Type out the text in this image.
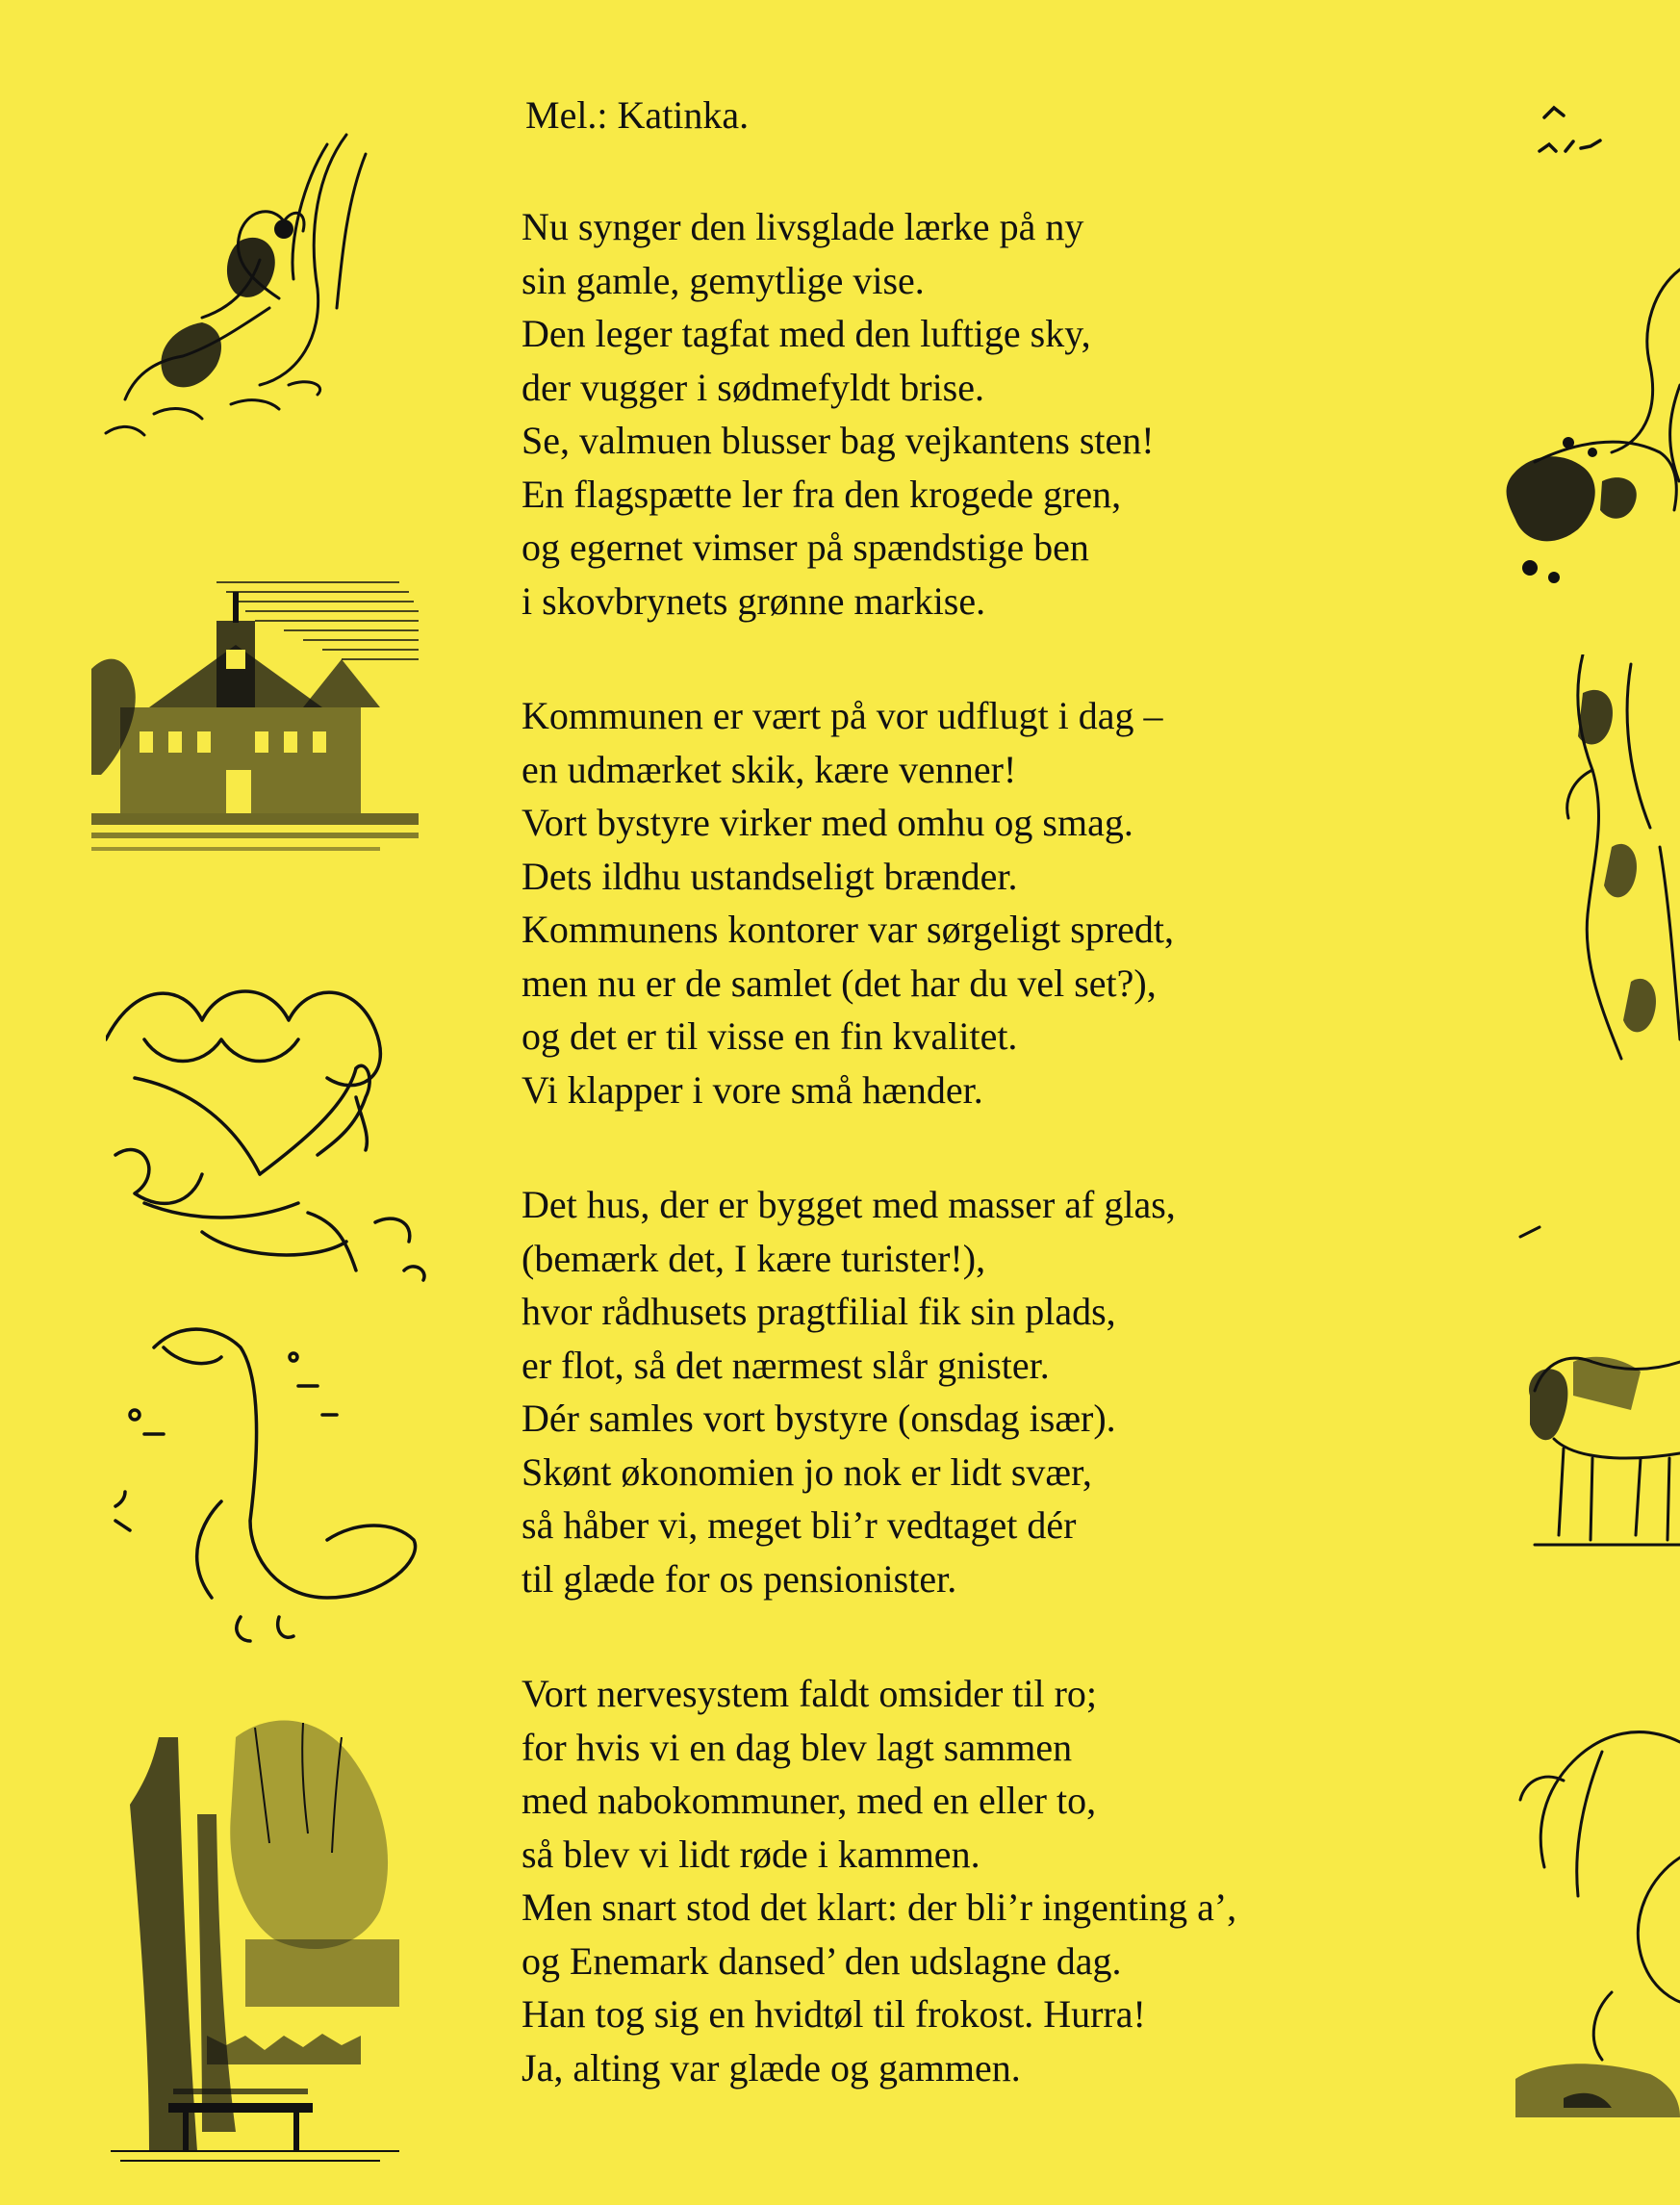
Mel.: Katinka.
Nu synger den livsglade lærke på ny
sin gamle, gemytlige vise.
Den leger tagfat med den luftige sky,
der vugger i sødmefyldt brise.
Se, valmuen blusser bag vejkantens sten!
En flagspætte ler fra den krogede gren,
og egernet vimser på spændstige ben
i skovbrynets grønne markise.
Kommunen er vært på vor udflugt i dag –
en udmærket skik, kære venner!
Vort bystyre virker med omhu og smag.
Dets ildhu ustandseligt brænder.
Kommunens kontorer var sørgeligt spredt,
men nu er de samlet (det har du vel set?),
og det er til visse en fin kvalitet.
Vi klapper i vore små hænder.
Det hus, der er bygget med masser af glas,
(bemærk det, I kære turister!),
hvor rådhusets pragtfilial fik sin plads,
er flot, så det nærmest slår gnister.
Dér samles vort bystyre (onsdag især).
Skønt økonomien jo nok er lidt svær,
så håber vi, meget bli’r vedtaget dér
til glæde for os pensionister.
Vort nervesystem faldt omsider til ro;
for hvis vi en dag blev lagt sammen
med nabokommuner, med en eller to,
så blev vi lidt røde i kammen.
Men snart stod det klart: der bli’r ingenting a’,
og Enemark dansed’ den udslagne dag.
Han tog sig en hvidtøl til frokost. Hurra!
Ja, alting var glæde og gammen.
